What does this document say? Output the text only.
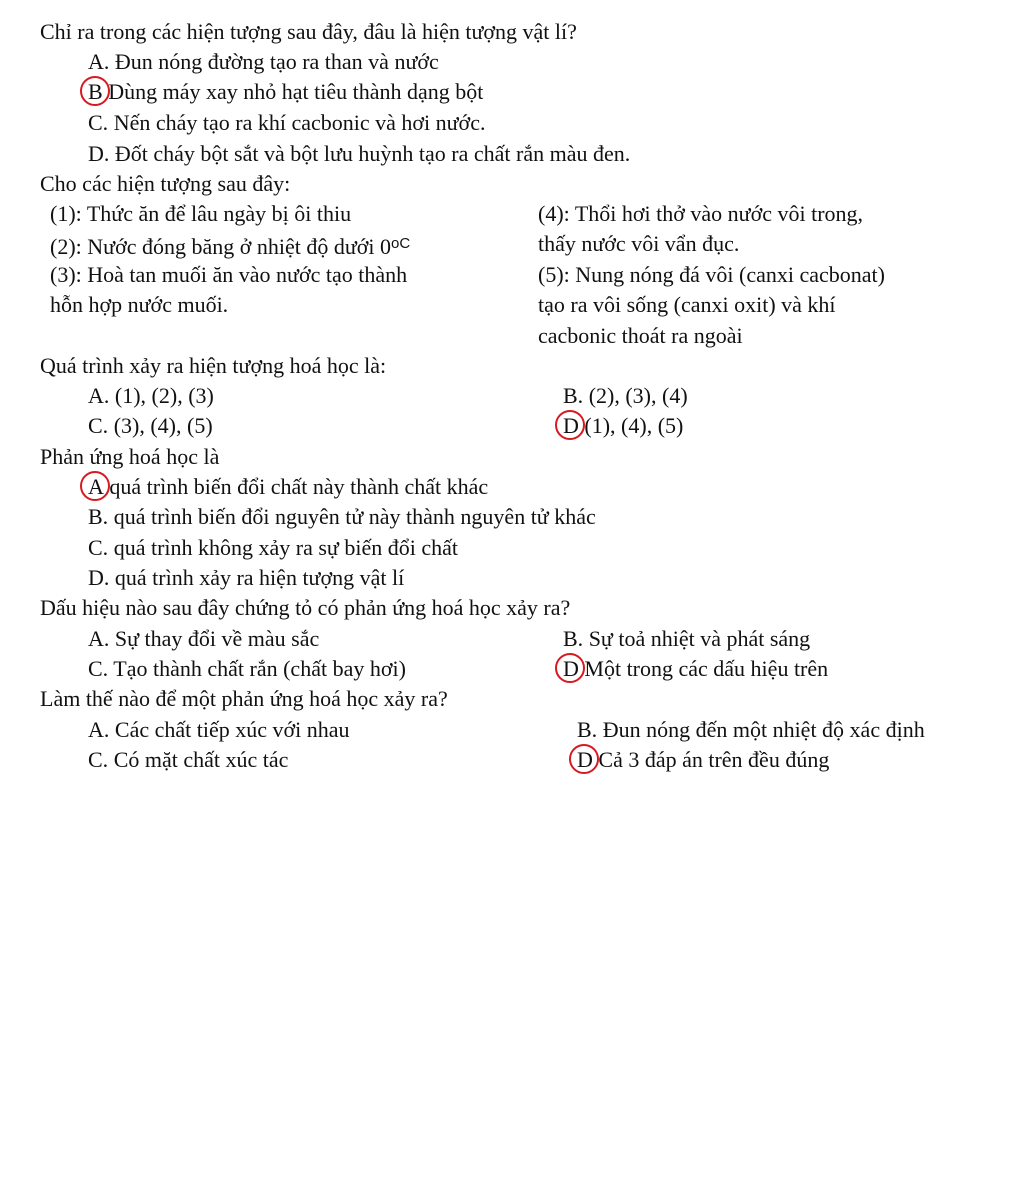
Chỉ ra trong các hiện tượng sau đây, đâu là hiện tượng vật lí?
A. Đun nóng đường tạo ra than và nước
B Dùng máy xay nhỏ hạt tiêu thành dạng bột
C. Nến cháy tạo ra khí cacbonic và hơi nước.
D. Đốt cháy bột sắt và bột lưu huỳnh tạo ra chất rắn màu đen.
Cho các hiện tượng sau đây:
(1): Thức ăn để lâu ngày bị ôi thiu
(2): Nước đóng băng ở nhiệt độ dưới $0^{oC}$
(3): Hoà tan muối ăn vào nước tạo thành
hỗn hợp nước muối.
(4): Thổi hơi thở vào nước vôi trong,
thấy nước vôi vẩn đục.
(5): Nung nóng đá vôi (canxi cacbonat)
tạo ra vôi sống (canxi oxit) và khí
cacbonic thoát ra ngoài
Quá trình xảy ra hiện tượng hoá học là:
A. (1), (2), (3)	B. (2), (3), (4)
C. (3), (4), (5)	D (1), (4), (5)
Phản ứng hoá học là
A quá trình biến đổi chất này thành chất khác
B. quá trình biến đổi nguyên tử này thành nguyên tử khác
C. quá trình không xảy ra sự biến đổi chất
D. quá trình xảy ra hiện tượng vật lí
Dấu hiệu nào sau đây chứng tỏ có phản ứng hoá học xảy ra?
A. Sự thay đổi về màu sắc	B. Sự toả nhiệt và phát sáng
C. Tạo thành chất rắn (chất bay hơi)	D Một trong các dấu hiệu trên
Làm thế nào để một phản ứng hoá học xảy ra?
A. Các chất tiếp xúc với nhau	B. Đun nóng đến một nhiệt độ xác định
C. Có mặt chất xúc tác	D Cả 3 đáp án trên đều đúng
